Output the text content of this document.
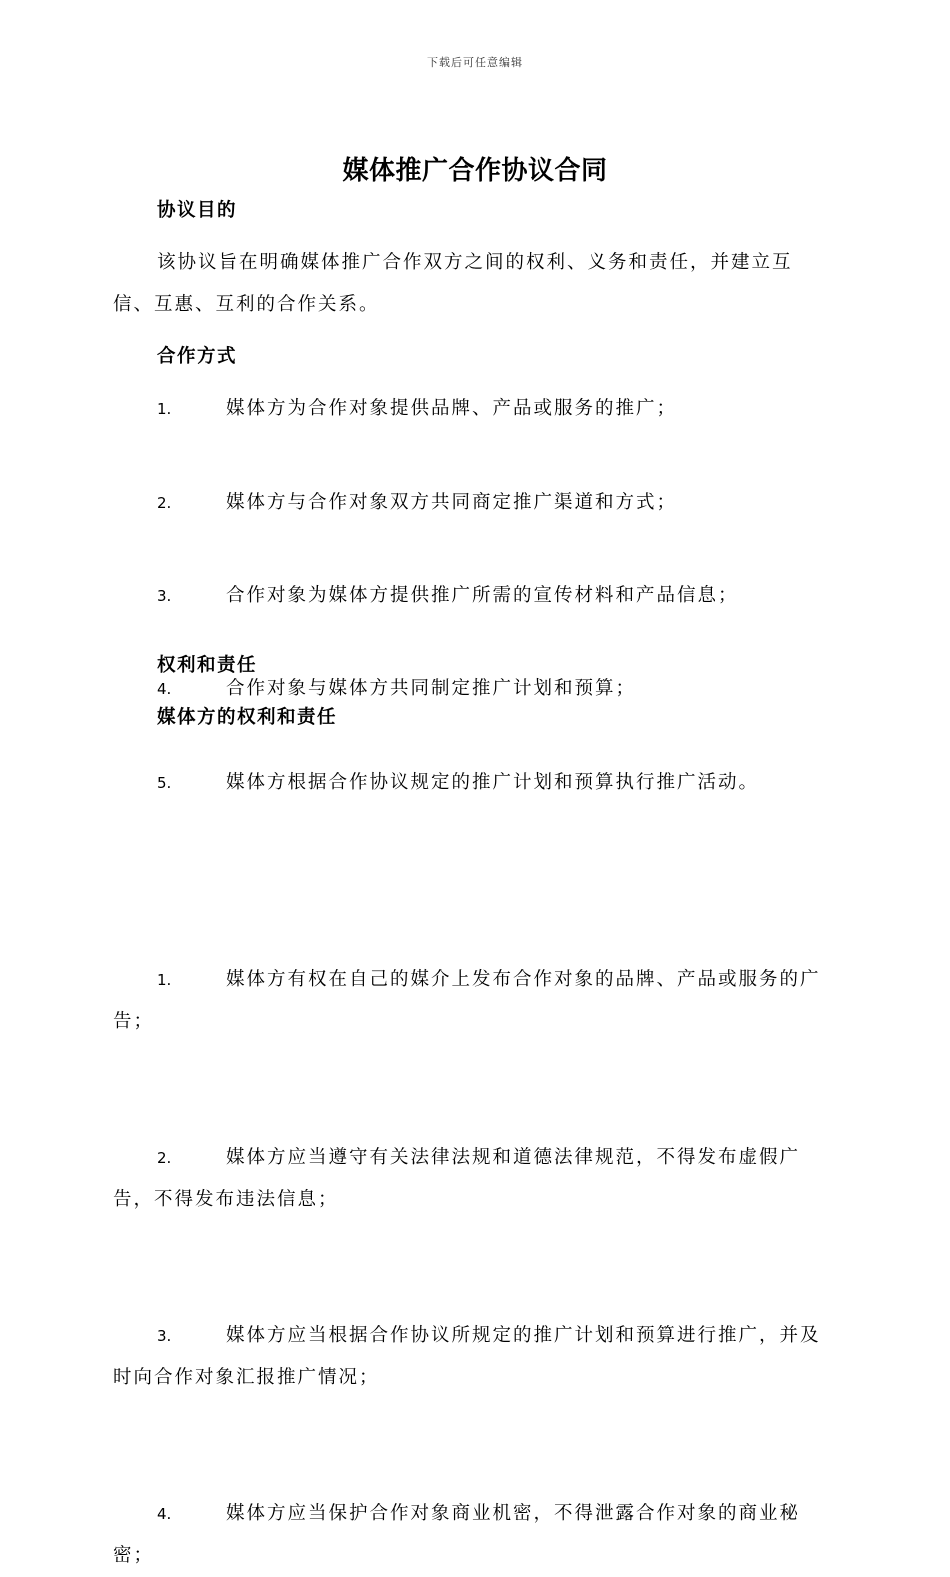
下载后可任意编辑
媒体推广合作协议合同
协议目的
该协议旨在明确媒体推广合作双方之间的权利、义务和责任，并建立互信、互惠、互利的合作关系。
合作方式
1.	媒体方为合作对象提供品牌、产品或服务的推广；
2.	媒体方与合作对象双方共同商定推广渠道和方式；
3.	合作对象为媒体方提供推广所需的宣传材料和产品信息；
4.	合作对象与媒体方共同制定推广计划和预算；
5.	媒体方根据合作协议规定的推广计划和预算执行推广活动。
权利和责任
媒体方的权利和责任
1.	媒体方有权在自己的媒介上发布合作对象的品牌、产品或服务的广告；
2.	媒体方应当遵守有关法律法规和道德法律规范，不得发布虚假广告，不得发布违法信息；
3.	媒体方应当根据合作协议所规定的推广计划和预算进行推广，并及时向合作对象汇报推广情况；
4.	媒体方应当保护合作对象商业机密，不得泄露合作对象的商业秘密；
